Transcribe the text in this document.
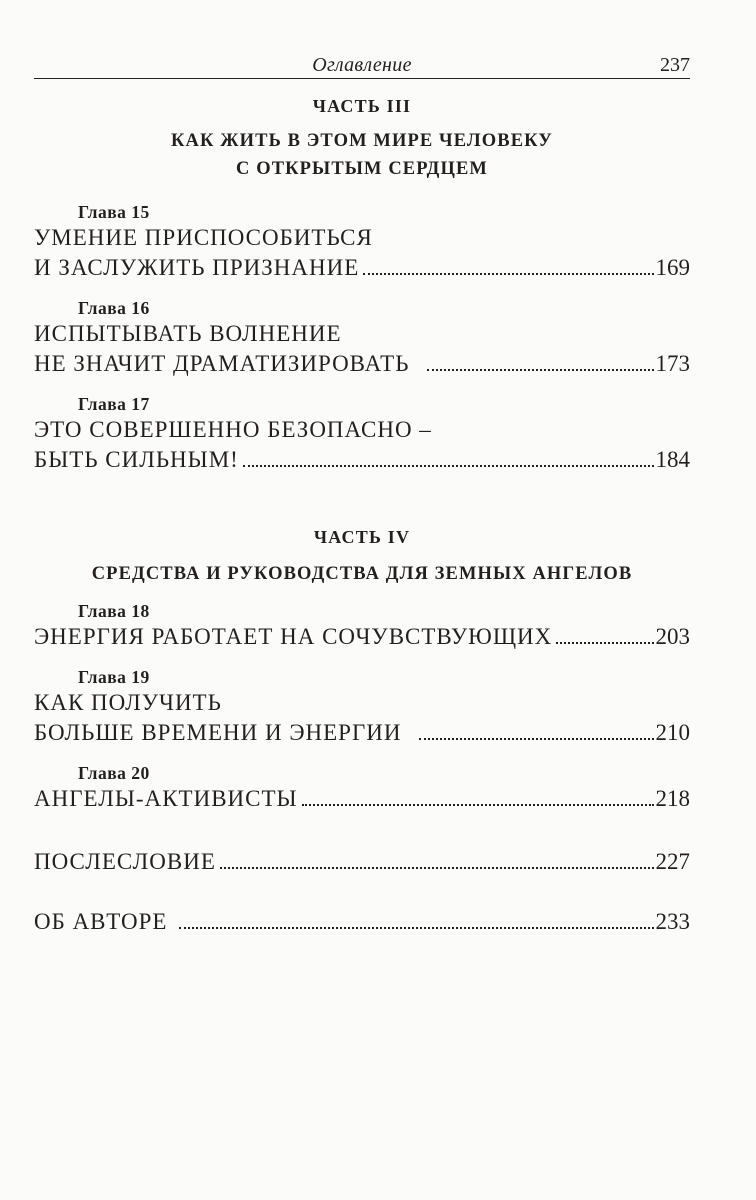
Оглавление	237
ЧАСТЬ III
КАК ЖИТЬ В ЭТОМ МИРЕ ЧЕЛОВЕКУ
С ОТКРЫТЫМ СЕРДЦЕМ
Глава 15
УМЕНИЕ ПРИСПОСОБИТЬСЯ
И ЗАСЛУЖИТЬ ПРИЗНАНИЕ	169
Глава 16
ИСПЫТЫВАТЬ ВОЛНЕНИЕ
НЕ ЗНАЧИТ ДРАМАТИЗИРОВАТЬ	173
Глава 17
ЭТО СОВЕРШЕННО БЕЗОПАСНО –
БЫТЬ СИЛЬНЫМ!	184
ЧАСТЬ IV
СРЕДСТВА И РУКОВОДСТВА ДЛЯ ЗЕМНЫХ АНГЕЛОВ
Глава 18
ЭНЕРГИЯ РАБОТАЕТ НА СОЧУВСТВУЮЩИХ	203
Глава 19
КАК ПОЛУЧИТЬ
БОЛЬШЕ ВРЕМЕНИ И ЭНЕРГИИ	210
Глава 20
АНГЕЛЫ-АКТИВИСТЫ	218
ПОСЛЕСЛОВИЕ	227
ОБ АВТОРЕ	233
